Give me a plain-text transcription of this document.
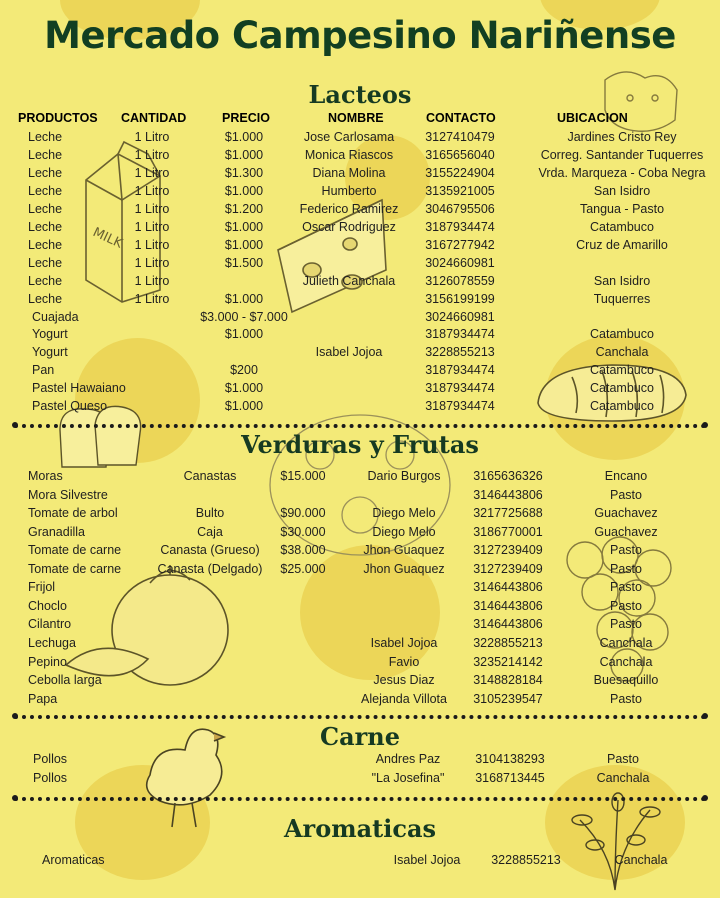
MILK
Mercado Campesino Nariñense
Lacteos
Verduras y Frutas
Carne
Aromaticas
PRODUCTOS CANTIDAD	PRECIO	NOMBRE	CONTACTO	UBICACION
Leche	1 Litro	$1.000	Jose Carlosama 3127410479	Jardines Cristo Rey
Leche	1 Litro	$1.000	Monica Riascos	3165656040	Correg. Santander Tuquerres
Leche	1 Litro	$1.300	Diana Molina	3155224904	Vrda. Marqueza - Coba Negra
Leche	1 Litro	$1.000	Humberto	3135921005	San Isidro
Leche	1 Litro	$1.200	Federico Ramirez 3046795506	Tangua - Pasto
Leche	1 Litro	$1.000	Oscar Rodriguez 3187934474	Catambuco
Leche	1 Litro	$1.000	3167277942	Cruz de Amarillo
Leche	1 Litro	$1.500	3024660981
Leche	1 Litro	Julieth Canchala 3126078559	San Isidro
Leche	1 Litro	$1.000	3156199199	Tuquerres
Cuajada	$3.000 - $7.000	3024660981
Yogurt	$1.000	3187934474	Catambuco
Yogurt	Isabel Jojoa	3228855213	Canchala
Pan	$200	3187934474	Catambuco
Pastel Hawaiano	$1.000	3187934474	Catambuco
Pastel Queso	$1.000	3187934474	Catambuco
Moras	Canastas	$15.000	Dario Burgos	3165636326	Encano
Mora Silvestre	3146443806	Pasto
Tomate de arbol	Bulto	$90.000	Diego Melo	3217725688	Guachavez
Granadilla	Caja	$30.000	Diego Melo	3186770001	Guachavez
Tomate de carne	Canasta (Grueso) $38.000	Jhon Guaquez 3127239409	Pasto
Tomate de carne	Canasta (Delgado) $25.000	Jhon Guaquez 3127239409	Pasto
Frijol	3146443806	Pasto
Choclo	3146443806	Pasto
Cilantro	3146443806	Pasto
Lechuga	Isabel Jojoa	3228855213	Canchala
Pepino	Favio	3235214142	Canchala
Cebolla larga	Jesus Diaz	3148828184	Buesaquillo
Papa	Alejanda Villota 3105239547	Pasto
Pollos	Andres Paz	3104138293	Pasto
Pollos	"La Josefina" 3168713445	Canchala
Aromaticas	Isabel Jojoa 3228855213	Canchala
